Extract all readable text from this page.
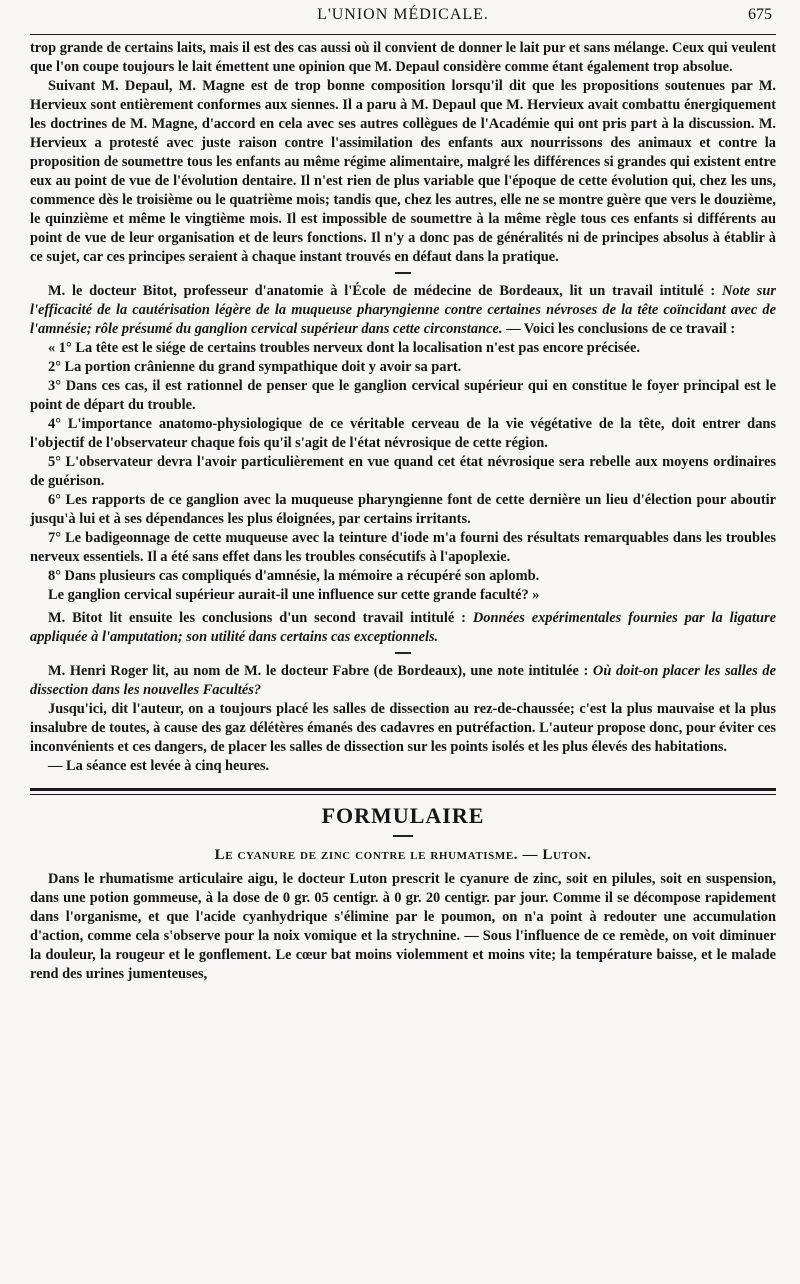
L'UNION MÉDICALE.	675

trop grande de certains laits, mais il est des cas aussi où il convient de donner le lait pur et sans mélange. Ceux qui veulent que l'on coupe toujours le lait émettent une opinion que M. Depaul considère comme étant également trop absolue.

Suivant M. Depaul, M. Magne est de trop bonne composition lorsqu'il dit que les propositions soutenues par M. Hervieux sont entièrement conformes aux siennes. Il a paru à M. Depaul que M. Hervieux avait combattu énergiquement les doctrines de M. Magne, d'accord en cela avec ses autres collègues de l'Académie qui ont pris part à la discussion. M. Hervieux a protesté avec juste raison contre l'assimilation des enfants aux nourrissons des animaux et contre la proposition de soumettre tous les enfants au même régime alimentaire, malgré les différences si grandes qui existent entre eux au point de vue de l'évolution dentaire. Il n'est rien de plus variable que l'époque de cette évolution qui, chez les uns, commence dès le troisième ou le quatrième mois; tandis que, chez les autres, elle ne se montre guère que vers le douzième, le quinzième et même le vingtième mois. Il est impossible de soumettre à la même règle tous ces enfants si différents au point de vue de leur organisation et de leurs fonctions. Il n'y a donc pas de généralités ni de principes absolus à établir à ce sujet, car ces principes seraient à chaque instant trouvés en défaut dans la pratique.

M. le docteur Bitot, professeur d'anatomie à l'École de médecine de Bordeaux, lit un travail intitulé : Note sur l'efficacité de la cautérisation légère de la muqueuse pharyngienne contre certaines névroses de la tête coïncidant avec de l'amnésie; rôle présumé du ganglion cervical supérieur dans cette circonstance. — Voici les conclusions de ce travail :

« 1° La tête est le siége de certains troubles nerveux dont la localisation n'est pas encore précisée.

2° La portion crânienne du grand sympathique doit y avoir sa part.

3° Dans ces cas, il est rationnel de penser que le ganglion cervical supérieur qui en constitue le foyer principal est le point de départ du trouble.

4° L'importance anatomo-physiologique de ce véritable cerveau de la vie végétative de la tête, doit entrer dans l'objectif de l'observateur chaque fois qu'il s'agit de l'état névrosique de cette région.

5° L'observateur devra l'avoir particulièrement en vue quand cet état névrosique sera rebelle aux moyens ordinaires de guérison.

6° Les rapports de ce ganglion avec la muqueuse pharyngienne font de cette dernière un lieu d'élection pour aboutir jusqu'à lui et à ses dépendances les plus éloignées, par certains irritants.

7° Le badigeonnage de cette muqueuse avec la teinture d'iode m'a fourni des résultats remarquables dans les troubles nerveux essentiels. Il a été sans effet dans les troubles consécutifs à l'apoplexie.

8° Dans plusieurs cas compliqués d'amnésie, la mémoire a récupéré son aplomb.

Le ganglion cervical supérieur aurait-il une influence sur cette grande faculté? »

M. Bitot lit ensuite les conclusions d'un second travail intitulé : Données expérimentales fournies par la ligature appliquée à l'amputation; son utilité dans certains cas exceptionnels.

M. Henri Roger lit, au nom de M. le docteur Fabre (de Bordeaux), une note intitulée : Où doit-on placer les salles de dissection dans les nouvelles Facultés?

Jusqu'ici, dit l'auteur, on a toujours placé les salles de dissection au rez-de-chaussée; c'est la plus mauvaise et la plus insalubre de toutes, à cause des gaz délétères émanés des cadavres en putréfaction. L'auteur propose donc, pour éviter ces inconvénients et ces dangers, de placer les salles de dissection sur les points isolés et les plus élevés des habitations.

— La séance est levée à cinq heures.

FORMULAIRE
Le cyanure de zinc contre le rhumatisme. — Luton.

Dans le rhumatisme articulaire aigu, le docteur Luton prescrit le cyanure de zinc, soit en pilules, soit en suspension, dans une potion gommeuse, à la dose de 0 gr. 05 centigr. à 0 gr. 20 centigr. par jour. Comme il se décompose rapidement dans l'organisme, et que l'acide cyanhydrique s'élimine par le poumon, on n'a point à redouter une accumulation d'action, comme cela s'observe pour la noix vomique et la strychnine. — Sous l'influence de ce remède, on voit diminuer la douleur, la rougeur et le gonflement. Le cœur bat moins violemment et moins vite; la température baisse, et le malade rend des urines jumenteuses,
